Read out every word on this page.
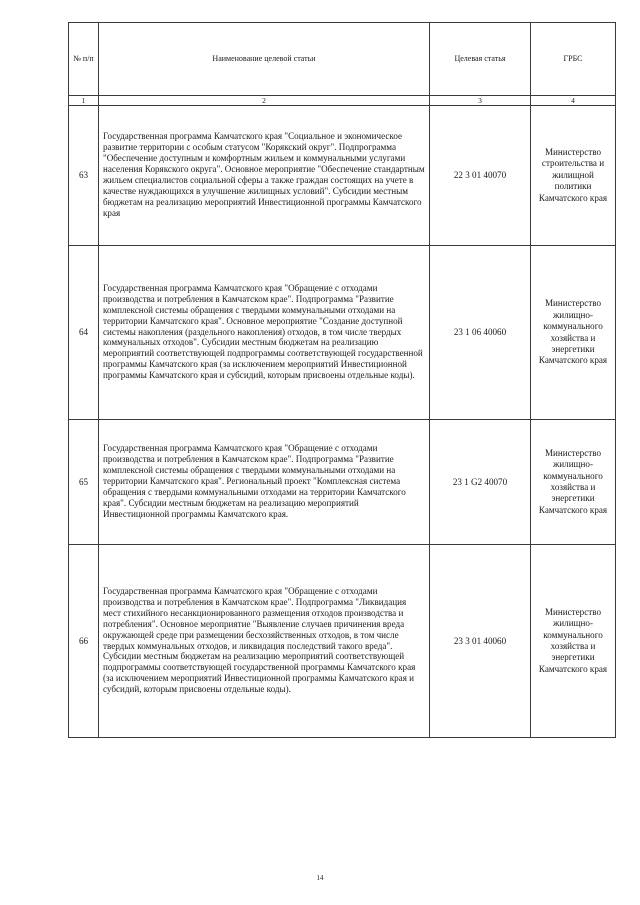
№ п/п	Наименование целевой статьи	Целевая статья	ГРБС
1	2	3	4
63	Государственная программа Камчатского края "Социальное и экономическое развитие территории с особым статусом "Корякский округ". Подпрограмма "Обеспечение доступным и комфортным жильем и коммунальными услугами населения Корякского округа". Основное мероприятие "Обеспечение стандартным жильем специалистов социальной сферы а также граждан состоящих на учете в качестве нуждающихся в улучшение жилищных условий". Субсидии местным бюджетам на реализацию мероприятий Инвестиционной программы Камчатского края	22 3 01 40070	Министерство строительства и жилищной политики Камчатского края
64	Государственная программа Камчатского края "Обращение с отходами производства и потребления в Камчатском крае". Подпрограмма "Развитие комплексной системы обращения с твердыми коммунальными отходами на территории Камчатского края". Основное мероприятие "Создание доступной системы накопления (раздельного накопления) отходов, в том числе твердых коммунальных отходов". Субсидии местным бюджетам на реализацию мероприятий соответствующей подпрограммы соответствующей государственной программы Камчатского края (за исключением мероприятий Инвестиционной программы Камчатского края и субсидий, которым присвоены отдельные коды).	23 1 06 40060	Министерство жилищно-коммунального хозяйства и энергетики Камчатского края
65	Государственная программа Камчатского края "Обращение с отходами производства и потребления в Камчатском крае". Подпрограмма "Развитие комплексной системы обращения с твердыми коммунальными отходами на территории Камчатского края". Региональный проект "Комплексная система обращения с твердыми коммунальными отходами на территории Камчатского края". Субсидии местным бюджетам на реализацию мероприятий Инвестиционной программы Камчатского края.	23 1 G2 40070	Министерство жилищно-коммунального хозяйства и энергетики Камчатского края
66	Государственная программа Камчатского края "Обращение с отходами производства и потребления в Камчатском крае". Подпрограмма "Ликвидация мест стихийного несанкционированного размещения отходов производства и потребления". Основное мероприятие "Выявление случаев причинения вреда окружающей среде при размещении бесхозяйственных отходов, в том числе твердых коммунальных отходов, и ликвидация последствий такого вреда". Субсидии местным бюджетам на реализацию мероприятий соответствующей подпрограммы соответствующей государственной программы Камчатского края (за исключением мероприятий Инвестиционной программы Камчатского края и субсидий, которым присвоены отдельные коды).	23 3 01 40060	Министерство жилищно-коммунального хозяйства и энергетики Камчатского края
14
